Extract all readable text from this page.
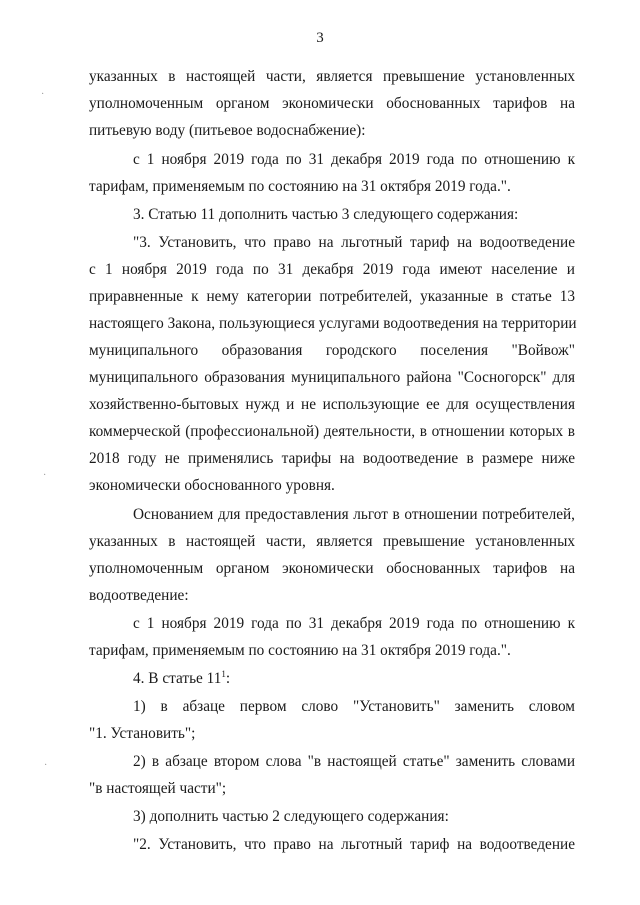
3
указанных в настоящей части, является превышение установленных
уполномоченным органом экономически обоснованных тарифов на
питьевую воду (питьевое водоснабжение):
с 1 ноября 2019 года по 31 декабря 2019 года по отношению к
тарифам, применяемым по состоянию на 31 октября 2019 года.".
3. Статью 11 дополнить частью 3 следующего содержания:
"3. Установить, что право на льготный тариф на водоотведение
с 1 ноября 2019 года по 31 декабря 2019 года имеют население и
приравненные к нему категории потребителей, указанные в статье 13
настоящего Закона, пользующиеся услугами водоотведения на территории
муниципального образования городского поселения "Войвож"
муниципального образования муниципального района "Сосногорск" для
хозяйственно-бытовых нужд и не использующие ее для осуществления
коммерческой (профессиональной) деятельности, в отношении которых в
2018 году не применялись тарифы на водоотведение в размере ниже
экономически обоснованного уровня.
Основанием для предоставления льгот в отношении потребителей,
указанных в настоящей части, является превышение установленных
уполномоченным органом экономически обоснованных тарифов на
водоотведение:
с 1 ноября 2019 года по 31 декабря 2019 года по отношению к
тарифам, применяемым по состоянию на 31 октября 2019 года.".
4. В статье $11^1$:
1) в абзаце первом слово "Установить" заменить словом
"1. Установить";
2) в абзаце втором слова "в настоящей статье" заменить словами
"в настоящей части";
3) дополнить частью 2 следующего содержания:
"2. Установить, что право на льготный тариф на водоотведение
·
·
·
